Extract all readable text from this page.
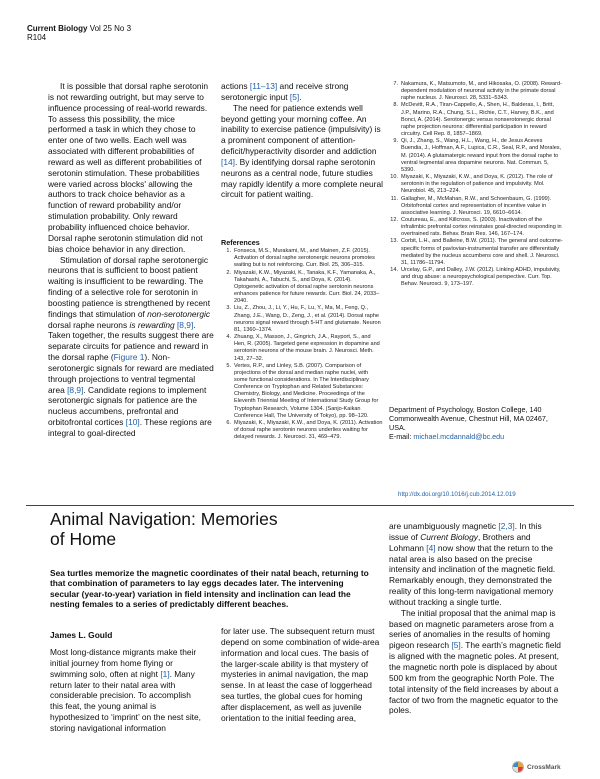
Current Biology Vol 25 No 3
R104

It is possible that dorsal raphe serotonin is not rewarding outright, but may serve to influence processing of real-world rewards. To assess this possibility, the mice performed a task in which they chose to enter one of two wells. Each well was associated with different probabilities of reward as well as different probabilities of serotonin stimulation. These probabilities were varied across blocks' allowing the authors to track choice behavior as a function of reward probability and/or stimulation probability. Only reward probability influenced choice behavior. Dorsal raphe serotonin stimulation did not bias choice behavior in any direction.

Stimulation of dorsal raphe serotonergic neurons that is sufficient to boost patient waiting is insufficient to be rewarding. The finding of a selective role for serotonin in boosting patience is strengthened by recent findings that stimulation of non-serotonergic dorsal raphe neurons is rewarding [8,9]. Taken together, the results suggest there are separate circuits for patience and reward in the dorsal raphe (Figure 1). Non-serotonergic signals for reward are mediated through projections to ventral tegmental area [8,9]. Candidate regions to implement serotonergic signals for patience are the nucleus accumbens, prefrontal and orbitofrontal cortices [10]. These regions are integral to goal-directed

actions [11–13] and receive strong serotonergic input [5].

The need for patience extends well beyond getting your morning coffee. An inability to exercise patience (impulsivity) is a prominent component of attention-deficit/hyperactivity disorder and addiction [14]. By identifying dorsal raphe serotonin neurons as a central node, future studies may rapidly identify a more complete neural circuit for patient waiting.

References
1. Fonseca, M.S., Murakami, M., and Mainen, Z.F. (2015). Activation of dorsal raphe serotonergic neurons promotes waiting but is not reinforcing. Curr. Biol. 25, 306–315.
2. Miyazaki, K.W., Miyazaki, K., Tanaka, K.F., Yamanaka, A., Takahashi, A., Tabuchi, S., and Doya, K. (2014). Optogenetic activation of dorsal raphe serotonin neurons enhances patience for future rewards. Curr. Biol. 24, 2033–2040.
3. Liu, Z., Zhou, J., Li, Y., Hu, F., Lu, Y., Ma, M., Feng, Q., Zhang, J.E., Wang, D., Zeng, J., et al. (2014). Dorsal raphe neurons signal reward through 5-HT and glutamate. Neuron 81, 1360–1374.
4. Zhuang, X., Masson, J., Gingrich, J.A., Rayport, S., and Hen, R. (2005). Targeted gene expression in dopamine and serotonin neurons of the mouse brain. J. Neurosci. Meth. 143, 27–32.
5. Vertes, R.P., and Linley, S.B. (2007). Comparison of projections of the dorsal and median raphe nuclei, with some functional considerations. In The Interdisciplinary Conference on Tryptophan and Related Substances: Chemistry, Biology, and Medicine. Proceedings of the Eleventh Triennial Meeting of International Study Group for Tryptophan Research, Volume 1304. (Sanjo-Kaikan Conference Hall, The University of Tokyo), pp. 98–120.
6. Miyazaki, K., Miyazaki, K.W., and Doya, K. (2011). Activation of dorsal raphe serotonin neurons underlies waiting for delayed rewards. J. Neurosci. 31, 469–479.
7. Nakamura, K., Matsumoto, M., and Hikosaka, O. (2008). Reward-dependent modulation of neuronal activity in the primate dorsal raphe nucleus. J. Neurosci. 28, 5331–5343.
8. McDevitt, R.A., Tiran-Cappello, A., Shen, H., Balderas, I., Britt, J.P., Marino, R.A., Chung, S.L., Richie, C.T., Harvey, B.K., and Bonci, A. (2014). Serotonergic versus nonserotonergic dorsal raphe projection neurons: differential participation in reward circuitry. Cell Rep. 8, 1857–1869.
9. Qi, J., Zhang, S., Wang, H.L., Wang, H., de Jesus Aceves Buendia, J., Hoffman, A.F., Lupica, C.R., Seal, R.P., and Morales, M. (2014). A glutamatergic reward input from the dorsal raphe to ventral tegmental area dopamine neurons. Nat. Commun. 5, 5390.
10. Miyazaki, K., Miyazaki, K.W., and Doya, K. (2012). The role of serotonin in the regulation of patience and impulsivity. Mol. Neurobiol. 45, 213–224.
11. Gallagher, M., McMahan, R.W., and Schoenbaum, G. (1999). Orbitofrontal cortex and representation of incentive value in associative learning. J. Neurosci. 19, 6610–6614.
12. Coutureau, E., and Killcross, S. (2003). Inactivation of the infralimbic prefrontal cortex reinstates goal-directed responding in overtrained rats. Behav. Brain Res. 146, 167–174.
13. Corbit, L.H., and Balleine, B.W. (2011). The general and outcome-specific forms of pavlovian-instrumental transfer are differentially mediated by the nucleus accumbens core and shell. J. Neurosci. 31, 11786–11794.
14. Urcelay, G.P., and Dalley, J.W. (2012). Linking ADHD, impulsivity, and drug abuse: a neuropsychological perspective. Curr. Top. Behav. Neurosci. 9, 173–197.
Department of Psychology, Boston College, 140 Commonwealth Avenue, Chestnut Hill, MA 02467, USA.
E-mail: michael.mcdannald@bc.edu
http://dx.doi.org/10.1016/j.cub.2014.12.019
Animal Navigation: Memories
of Home

Sea turtles memorize the magnetic coordinates of their natal beach, returning to that combination of parameters to lay eggs decades later. The intervening secular (year-to-year) variation in field intensity and inclination can lead the nesting females to a series of predictably different beaches.

James L. Gould

Most long-distance migrants make their initial journey from home flying or swimming solo, often at night [1]. Many return later to their natal area with considerable precision. To accomplish this feat, the young animal is hypothesized to ‘imprint’ on the nest site, storing navigational information

for later use. The subsequent return must depend on some combination of wide-area information and local cues. The basis of the larger-scale ability is that mystery of mysteries in animal navigation, the map sense. In at least the case of loggerhead sea turtles, the global cues for homing after displacement, as well as juvenile orientation to the initial feeding area,

are unambiguously magnetic [2,3]. In this issue of Current Biology, Brothers and Lohmann [4] now show that the return to the natal area is also based on the precise intensity and inclination of the magnetic field. Remarkably enough, they demonstrated the reality of this long-term navigational memory without tracking a single turtle.

The initial proposal that the animal map is based on magnetic parameters arose from a series of anomalies in the results of homing pigeon research [5]. The earth’s magnetic field is aligned with the magnetic poles. At present, the magnetic north pole is displaced by about 500 km from the geographic North Pole. The total intensity of the field increases by about a factor of two from the magnetic equator to the poles.

CrossMark
